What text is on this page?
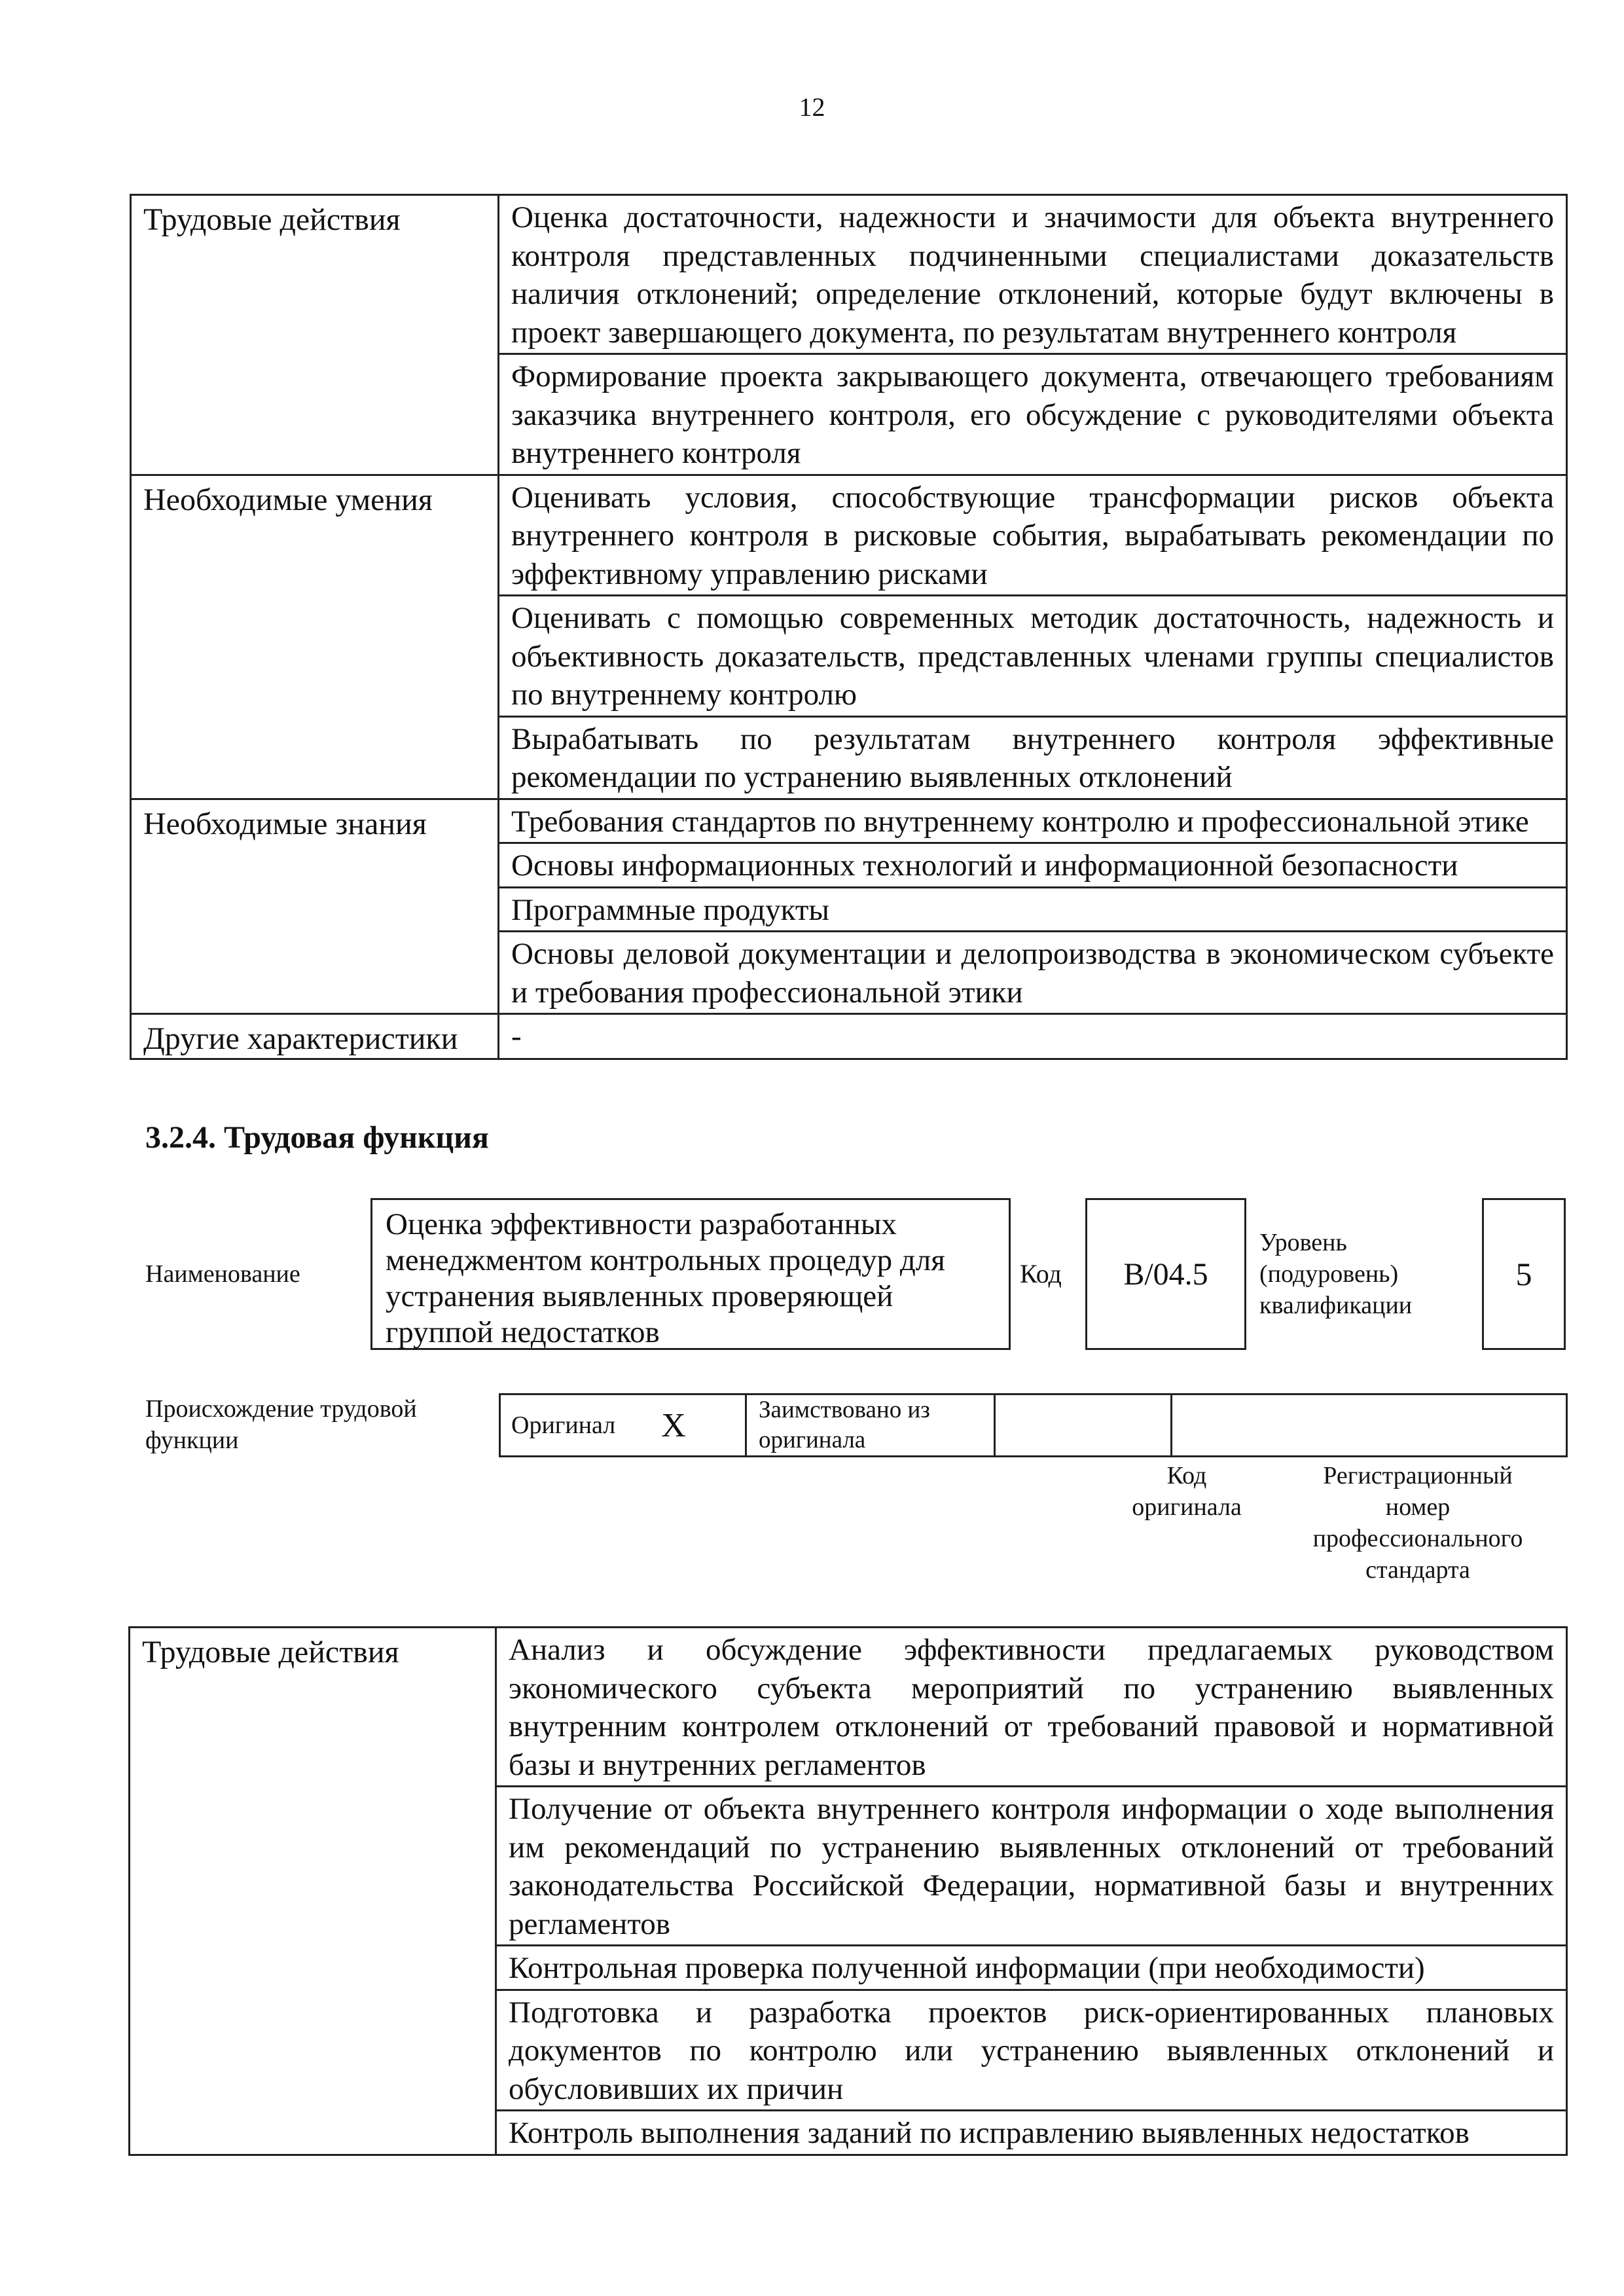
12
Трудовые действия	Оценка достаточности, надежности и значимости для объекта внутреннего контроля представленных подчиненными специалистами доказательств наличия отклонений; определение отклонений, которые будут включены в проект завершающего документа, по результатам внутреннего контроля

	Формирование проекта закрывающего документа, отвечающего требованиям заказчика внутреннего контроля, его обсуждение с руководителями объекта внутреннего контроля

Необходимые умения	Оценивать условия, способствующие трансформации рисков объекта внутреннего контроля в рисковые события, вырабатывать рекомендации по эффективному управлению рисками

	Оценивать с помощью современных методик достаточность, надежность и объективность доказательств, представленных членами группы специалистов по внутреннему контролю

	Вырабатывать по результатам внутреннего контроля эффективные рекомендации по устранению выявленных отклонений

Необходимые знания	Требования стандартов по внутреннему контролю и профессиональной этике

	Основы информационных технологий и информационной безопасности

	Программные продукты

	Основы деловой документации и делопроизводства в экономическом субъекте и требования профессиональной этики

Другие характеристики	-
3.2.4. Трудовая функция
Наименование
Оценка эффективности разработанных менеджментом контрольных процедур для устранения выявленных проверяющей группой недостатков
Код	B/04.5
Уровень
(подуровень)
квалификации
5
Происхождение трудовой
функции
Оригинал X	Заимствовано из
оригинала

Код
оригинала
Регистрационный
номер
профессионального
стандарта
Трудовые действия	Анализ и обсуждение эффективности предлагаемых руководством экономического субъекта мероприятий по устранению выявленных внутренним контролем отклонений от требований правовой и нормативной базы и внутренних регламентов

Получение от объекта внутреннего контроля информации о ходе выполнения им рекомендаций по устранению выявленных отклонений от требований законодательства Российской Федерации, нормативной базы и внутренних регламентов

Контрольная проверка полученной информации (при необходимости)

Подготовка и разработка проектов риск-ориентированных плановых документов по контролю или устранению выявленных отклонений и обусловивших их причин

Контроль выполнения заданий по исправлению выявленных недостатков
